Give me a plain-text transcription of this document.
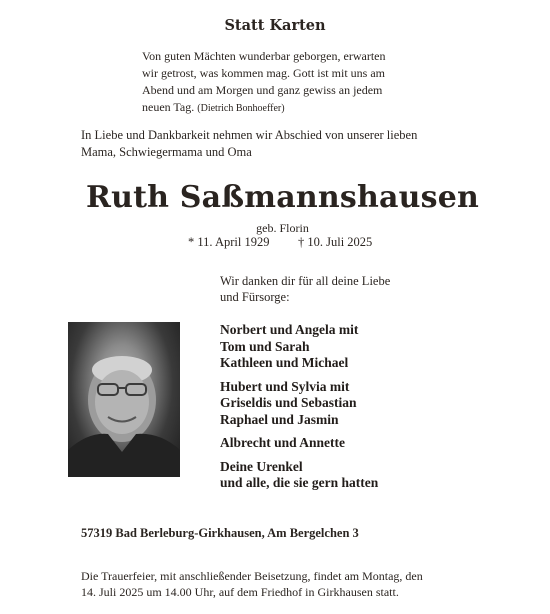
Statt Karten
Von guten Mächten wunderbar geborgen, erwarten
wir getrost, was kommen mag. Gott ist mit uns am
Abend und am Morgen und ganz gewiss an jedem
neuen Tag. (Dietrich Bonhoeffer)
In Liebe und Dankbarkeit nehmen wir Abschied von unserer lieben
Mama, Schwiegermama und Oma
Ruth Saßmannshausen
geb. Florin
* 11. April 1929 † 10. Juli 2025
Wir danken dir für all deine Liebe
und Fürsorge:
Norbert und Angela mit
Tom und Sarah
Kathleen und Michael
Hubert und Sylvia mit
Griseldis und Sebastian
Raphael und Jasmin
Albrecht und Annette
Deine Urenkel
und alle, die sie gern hatten
57319 Bad Berleburg-Girkhausen, Am Bergelchen 3
Die Trauerfeier, mit anschließender Beisetzung, findet am Montag, den
14. Juli 2025 um 14.00 Uhr, auf dem Friedhof in Girkhausen statt.
